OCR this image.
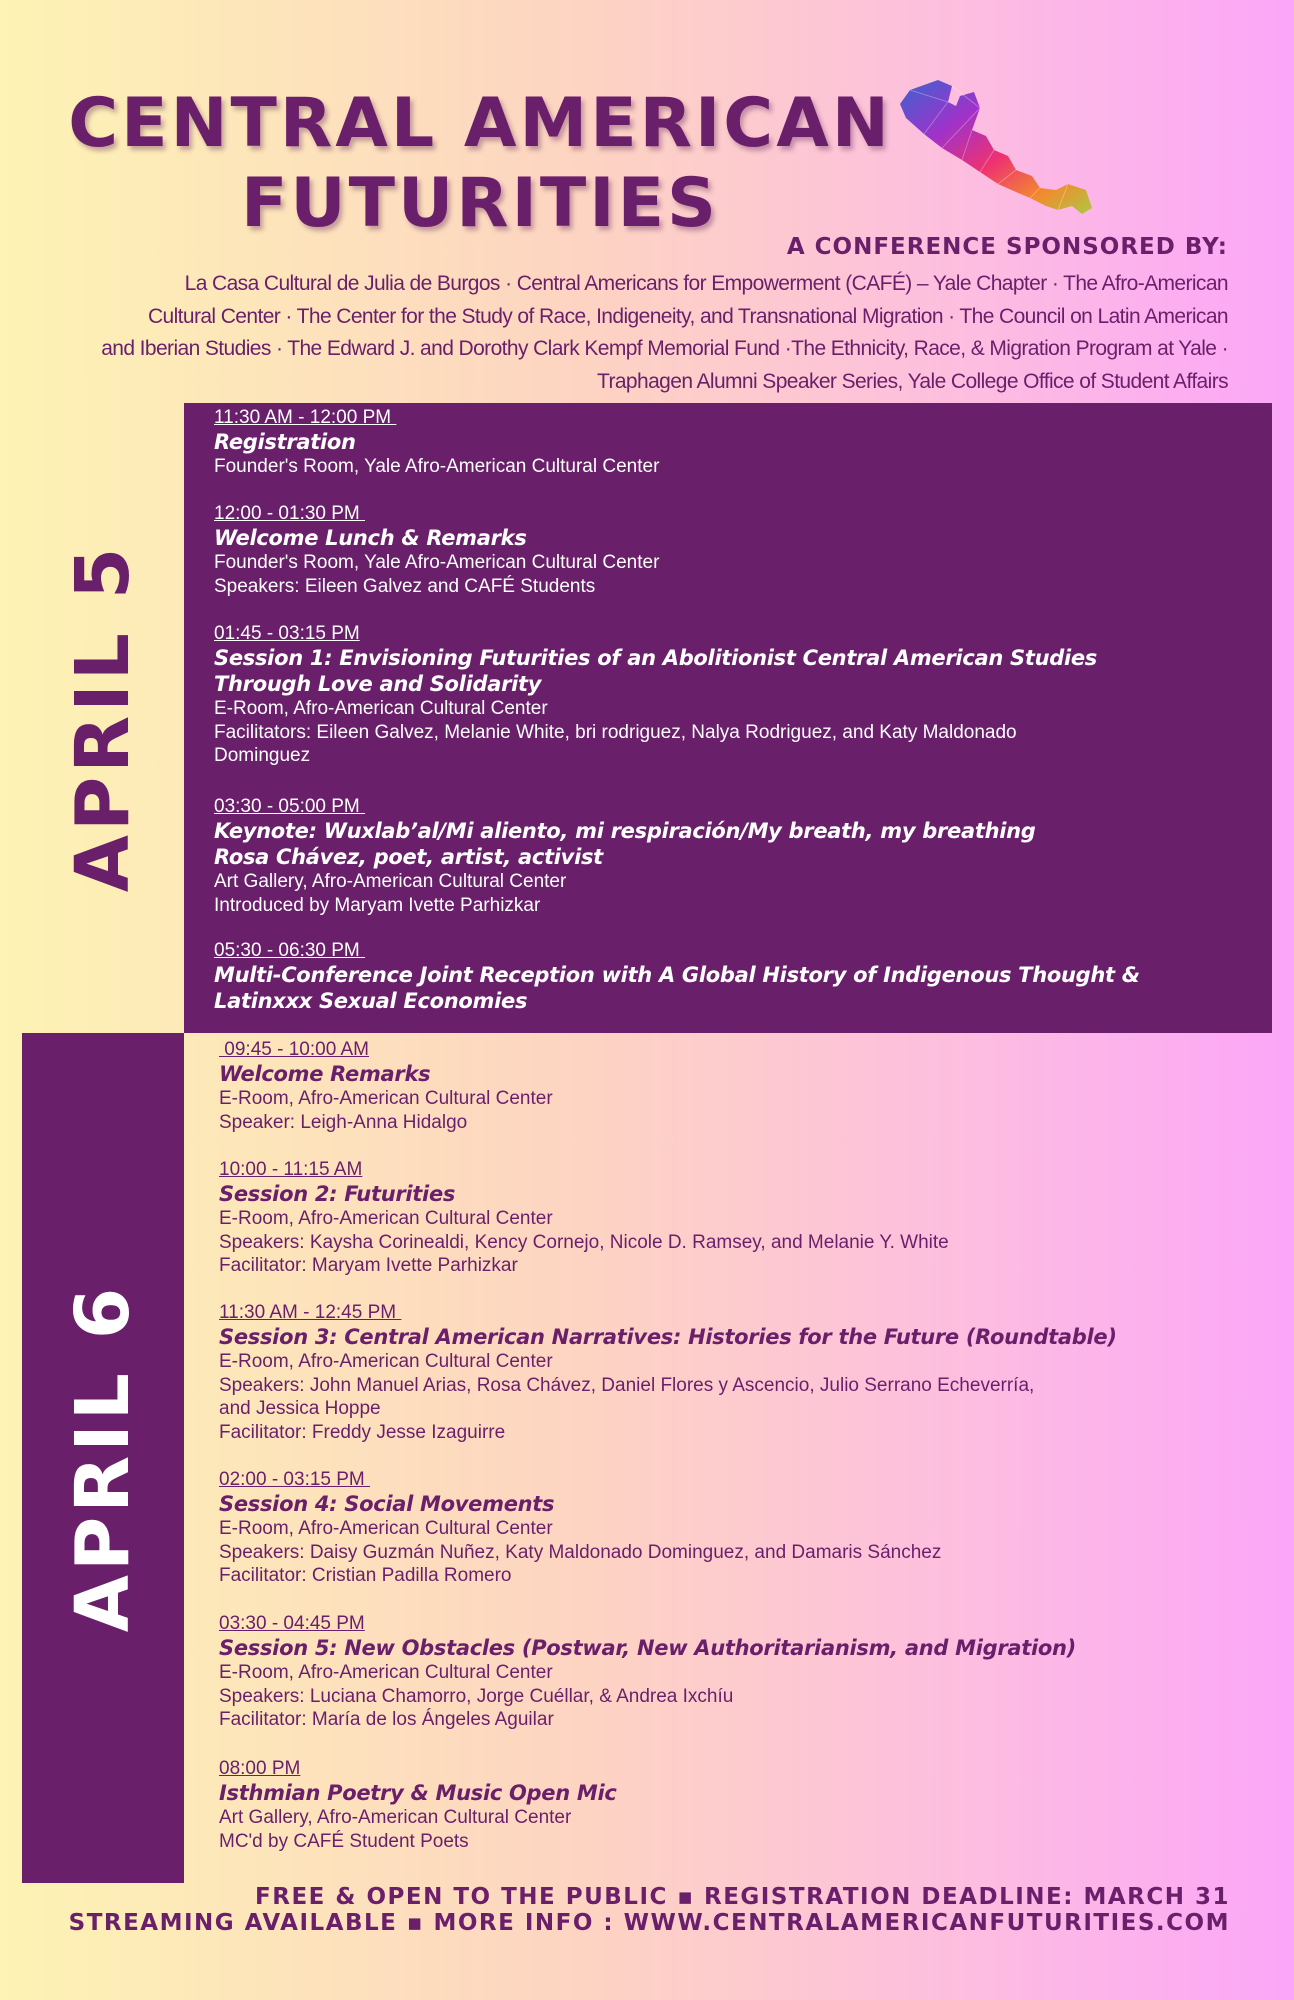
CENTRAL AMERICAN
FUTURITIES
A CONFERENCE SPONSORED BY:
La Casa Cultural de Julia de Burgos · Central Americans for Empowerment (CAFÉ) – Yale Chapter · The Afro-American
Cultural Center · The Center for the Study of Race, Indigeneity, and Transnational Migration · The Council on Latin American
and Iberian Studies · The Edward J. and Dorothy Clark Kempf Memorial Fund ·The Ethnicity, Race, & Migration Program at Yale ·
Traphagen Alumni Speaker Series, Yale College Office of Student Affairs
APRIL 5
APRIL 6
11:30 AM - 12:00 PM
Registration
Founder's Room, Yale Afro-American Cultural Center
12:00 - 01:30 PM
Welcome Lunch & Remarks
Founder's Room, Yale Afro-American Cultural Center
Speakers: Eileen Galvez and CAFÉ Students
01:45 - 03:15 PM
Session 1: Envisioning Futurities of an Abolitionist Central American Studies
Through Love and Solidarity
E-Room, Afro-American Cultural Center
Facilitators: Eileen Galvez, Melanie White, bri rodriguez, Nalya Rodriguez, and Katy Maldonado
Dominguez
03:30 - 05:00 PM
Keynote: Wuxlab’al/Mi aliento, mi respiración/My breath, my breathing
Rosa Chávez, poet, artist, activist
Art Gallery, Afro-American Cultural Center
Introduced by Maryam Ivette Parhizkar
05:30 - 06:30 PM
Multi-Conference Joint Reception with A Global History of Indigenous Thought &
Latinxxx Sexual Economies
09:45 - 10:00 AM
Welcome Remarks
E-Room, Afro-American Cultural Center
Speaker: Leigh-Anna Hidalgo
10:00 - 11:15 AM
Session 2: Futurities
E-Room, Afro-American Cultural Center
Speakers: Kaysha Corinealdi, Kency Cornejo, Nicole D. Ramsey, and Melanie Y. White
Facilitator: Maryam Ivette Parhizkar
11:30 AM - 12:45 PM
Session 3: Central American Narratives: Histories for the Future (Roundtable)
E-Room, Afro-American Cultural Center
Speakers: John Manuel Arias, Rosa Chávez, Daniel Flores y Ascencio, Julio Serrano Echeverría,
and Jessica Hoppe
Facilitator: Freddy Jesse Izaguirre
02:00 - 03:15 PM
Session 4: Social Movements
E-Room, Afro-American Cultural Center
Speakers: Daisy Guzmán Nuñez, Katy Maldonado Dominguez, and Damaris Sánchez
Facilitator: Cristian Padilla Romero
03:30 - 04:45 PM
Session 5: New Obstacles (Postwar, New Authoritarianism, and Migration)
E-Room, Afro-American Cultural Center
Speakers: Luciana Chamorro, Jorge Cuéllar, & Andrea Ixchíu
Facilitator: María de los Ángeles Aguilar
08:00 PM
Isthmian Poetry & Music Open Mic
Art Gallery, Afro-American Cultural Center
MC'd by CAFÉ Student Poets
FREE & OPEN TO THE PUBLIC ▪ REGISTRATION DEADLINE: MARCH 31
STREAMING AVAILABLE ▪ MORE INFO : WWW.CENTRALAMERICANFUTURITIES.COM
